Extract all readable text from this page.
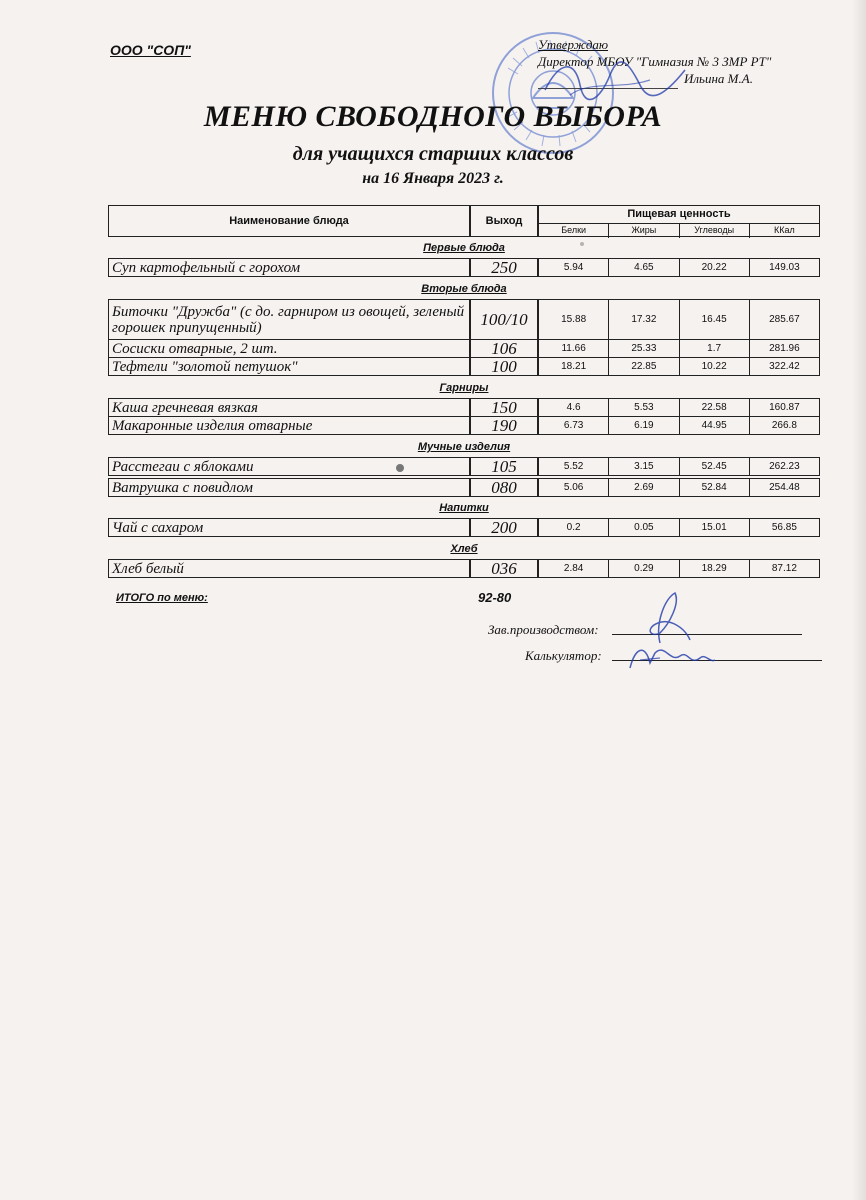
ООО "СОП"	Утверждаю
Директор МБОУ "Гимназия № 3 ЗМР РТ"
Ильина М.А.
МЕНЮ СВОБОДНОГО ВЫБОРА
для учащихся старших классов
на 16 Января 2023 г.
Наименование блюда	Выход
Пищевая ценность
Белки	Жиры	Углеводы	ККал
Первые блюда
Суп картофельный с горохом	250	5.94	4.65	20.22	149.03
Вторые блюда
Биточки "Дружба" (с до. гарниром из овощей, зеленый горошек припущенный)	100/10	15.88	17.32	16.45	285.67
Сосиски отварные, 2 шт.	106	11.66	25.33	1.7	281.96
Тефтели "золотой петушок"	100	18.21	22.85	10.22	322.42
Гарниры
Каша гречневая вязкая	150	4.6	5.53	22.58	160.87
Макаронные изделия отварные	190	6.73	6.19	44.95	266.8
Мучные изделия
Расстегаи с яблоками	105	5.52	3.15	52.45	262.23
Ватрушка с повидлом	080	5.06	2.69	52.84	254.48
Напитки
Чай с сахаром	200	0.2	0.05	15.01	56.85
Хлеб
Хлеб белый	036	2.84	0.29	18.29	87.12
ИТОГО по меню:	92-80
Зав.производством:
Калькулятор:
